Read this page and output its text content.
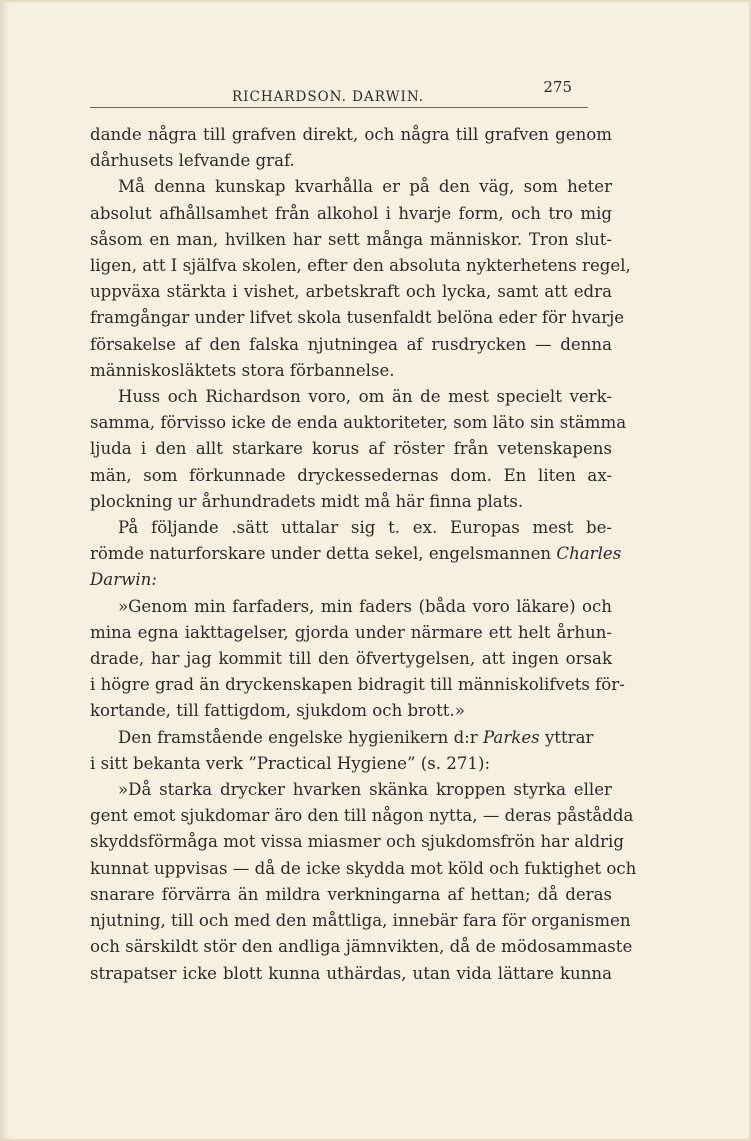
RICHARDSON. DARWIN.
275
dande några till grafven direkt, och några till grafven genom
dårhusets lefvande graf.
Må denna kunskap kvarhålla er på den väg, som heter
absolut afhållsamhet från alkohol i hvarje form, och tro mig
såsom en man, hvilken har sett många människor. Tron slut-
ligen, att I själfva skolen, efter den absoluta nykterhetens regel,
uppväxa stärkta i vishet, arbetskraft och lycka, samt att edra
framgångar under lifvet skola tusenfaldt belöna eder för hvarje
försakelse af den falska njutningea af rusdrycken — denna
människosläktets stora förbannelse.
Huss och Richardson voro, om än de mest specielt verk-
samma, förvisso icke de enda auktoriteter, som läto sin stämma
ljuda i den allt starkare korus af röster från vetenskapens
män, som förkunnade dryckessedernas dom. En liten ax-
plockning ur århundradets midt må här finna plats.
På följande .sätt uttalar sig t. ex. Europas mest be-
römde naturforskare under detta sekel, engelsmannen Charles
Darwin:
»Genom min farfaders, min faders (båda voro läkare) och
mina egna iakttagelser, gjorda under närmare ett helt århun-
drade, har jag kommit till den öfvertygelsen, att ingen orsak
i högre grad än dryckenskapen bidragit till människolifvets för-
kortande, till fattigdom, sjukdom och brott.»
Den framstående engelske hygienikern d:r Parkes yttrar
i sitt bekanta verk ”Practical Hygiene” (s. 271):
»Då starka drycker hvarken skänka kroppen styrka eller
gent emot sjukdomar äro den till någon nytta, — deras påstådda
skyddsförmåga mot vissa miasmer och sjukdomsfrön har aldrig
kunnat uppvisas — då de icke skydda mot köld och fuktighet och
snarare förvärra än mildra verkningarna af hettan; då deras
njutning, till och med den måttliga, innebär fara för organismen
och särskildt stör den andliga jämnvikten, då de mödosammaste
strapatser icke blott kunna uthärdas, utan vida lättare kunna
